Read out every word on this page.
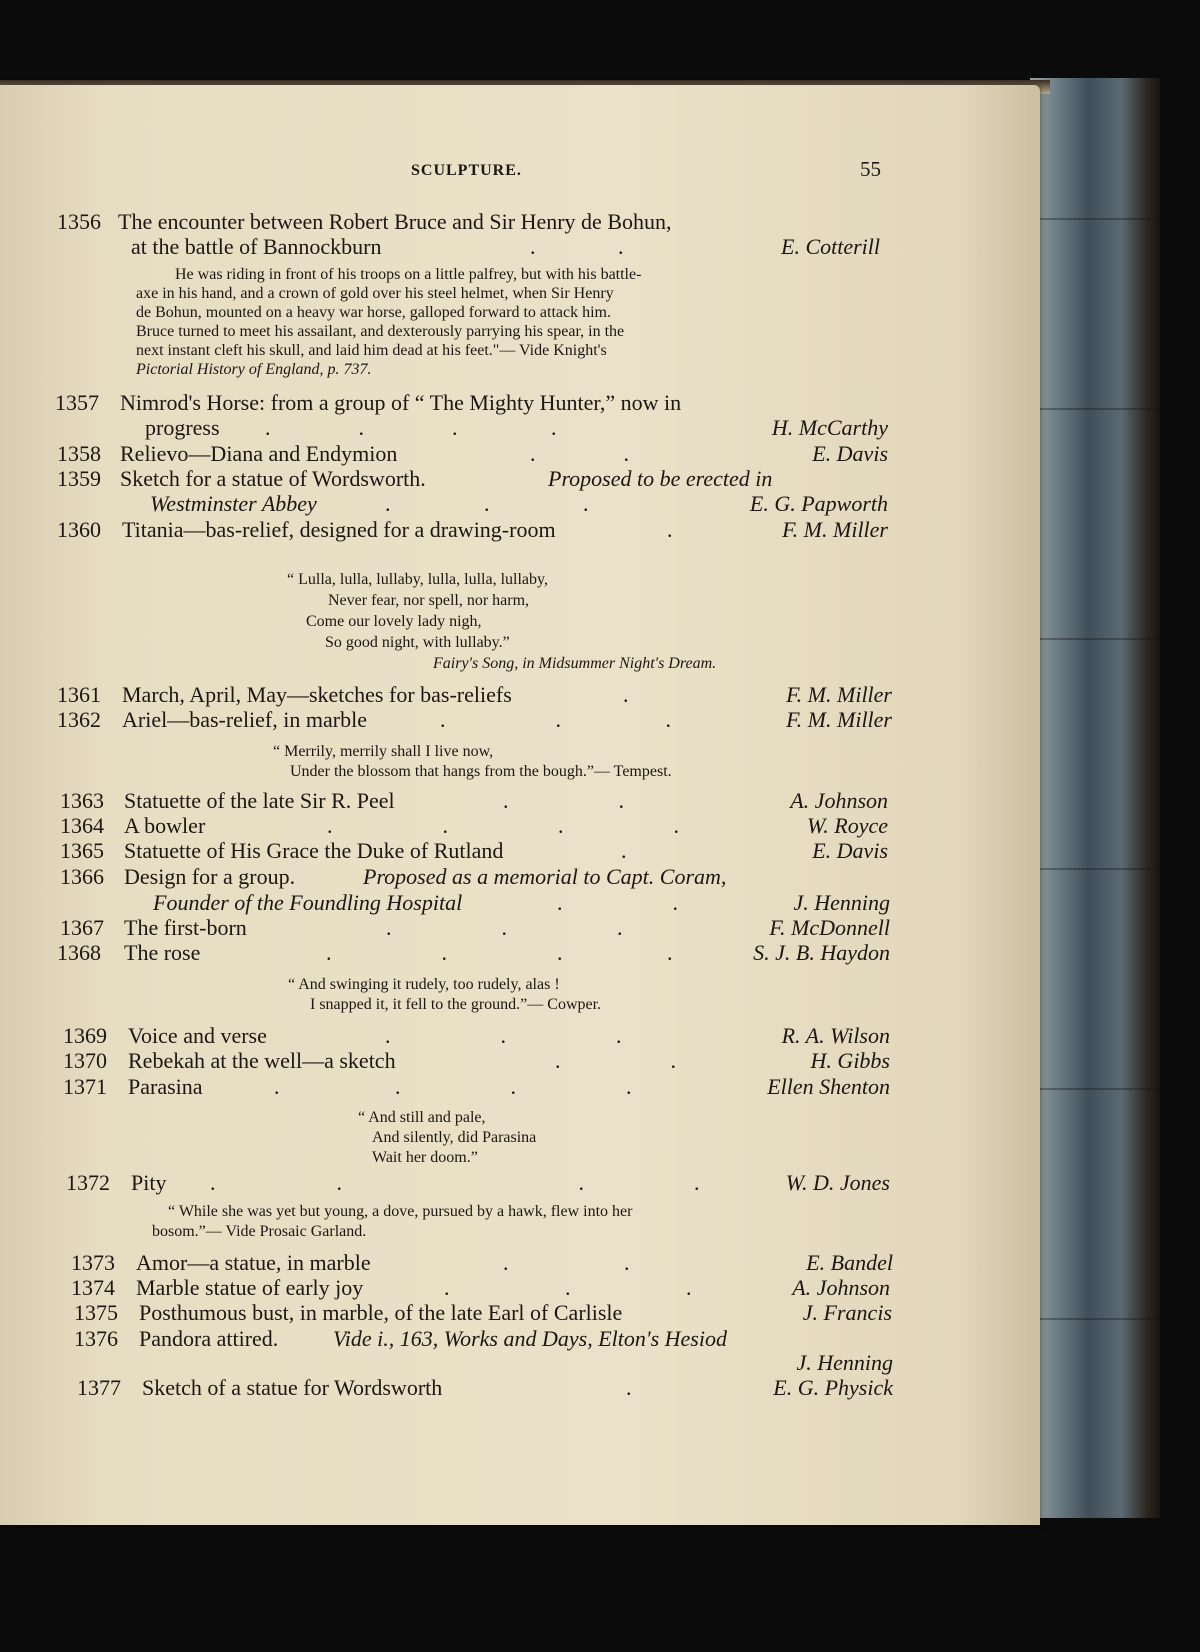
SCULPTURE.	55
1356 The encounter between Robert Bruce and Sir Henry de Bohun,
at the battle of Bannockburn	.               .	E. Cotterill
He was riding in front of his troops on a little palfrey, but with his battle-
axe in his hand, and a crown of gold over his steel helmet, when Sir Henry
de Bohun, mounted on a heavy war horse, galloped forward to attack him.
Bruce turned to meet his assailant, and dexterously parrying his spear, in the
next instant cleft his skull, and laid him dead at his feet."— Vide Knight's
Pictorial History of England, p. 737.
1357 Nimrod's Horse: from a group of “ The Mighty Hunter,” now in
progress .                .                .                 .	H. McCarthy
1358 Relievo—Diana and Endymion	.                .	E. Davis
1359 Sketch for a statue of Wordsworth.	Proposed to be erected in
Westminster Abbey	.                 .                 .	E. G. Papworth
1360 Titania—bas-relief, designed for a drawing-room	.	F. M. Miller
“ Lulla, lulla, lullaby, lulla, lulla, lullaby,
Never fear, nor spell, nor harm,
Come our lovely lady nigh,
So good night, with lullaby.”
Fairy's Song, in Midsummer Night's Dream.
1361 March, April, May—sketches for bas-reliefs	.	F. M. Miller
1362 Ariel—bas-relief, in marble	.                    .                   .	F. M. Miller
“ Merrily, merrily shall I live now,
Under the blossom that hangs from the bough.”— Tempest.
1363 Statuette of the late Sir R. Peel	.                    .	A. Johnson
1364 A bowler	.                    .                    .                    .	W. Royce
1365 Statuette of His Grace the Duke of Rutland	.	E. Davis
1366 Design for a group.	Proposed as a memorial to Capt. Coram,
Founder of the Foundling Hospital	.                    .	J. Henning
1367 The first-born	.                    .                    .	F. McDonnell
1368 The rose	.                    .                    .                   .	S. J. B. Haydon
“ And swinging it rudely, too rudely, alas !
I snapped it, it fell to the ground.”— Cowper.
1369 Voice and verse	.                    .                    .	R. A. Wilson
1370 Rebekah at the well—a sketch	.                    .	H. Gibbs
1371 Parasina	.                     .                    .                    .	Ellen Shenton
“ And still and pale,
And silently, did Parasina
Wait her doom.”
1372 Pity .                      .                                           .                    .	W. D. Jones
“ While she was yet but young, a dove, pursued by a hawk, flew into her
bosom.”— Vide Prosaic Garland.
1373 Amor—a statue, in marble	.                     .	E. Bandel
1374 Marble statue of early joy	.                     .                     .	A. Johnson
1375 Posthumous bust, in marble, of the late Earl of Carlisle	J. Francis
1376 Pandora attired. Vide i., 163, Works and Days, Elton's Hesiod
J. Henning
1377 Sketch of a statue for Wordsworth	.	E. G. Physick
